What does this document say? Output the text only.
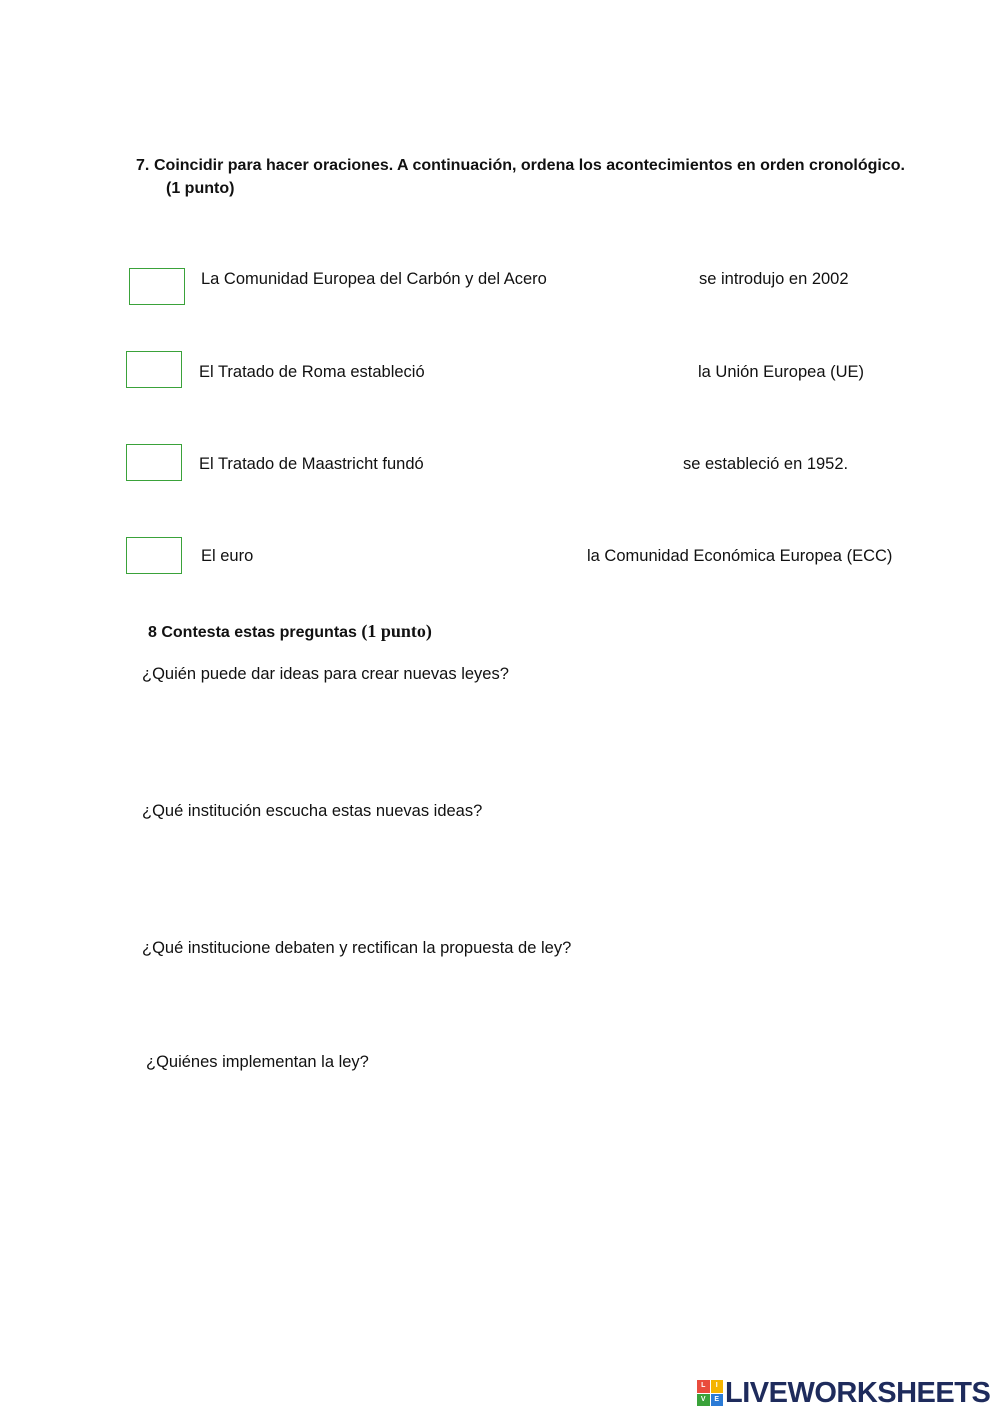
7. Coincidir para hacer oraciones. A continuación, ordena los acontecimientos en orden cronológico.
(1 punto)
La Comunidad Europea del Carbón y del Acero	se introdujo en 2002
El Tratado de Roma estableció	la Unión Europea (UE)
El Tratado de Maastricht fundó	se estableció en 1952.
El euro	la Comunidad Económica Europea (ECC)
8 Contesta estas preguntas (1 punto)
¿Quién puede dar ideas para crear nuevas leyes?
¿Qué institución escucha estas nuevas ideas?
¿Qué institucione debaten y rectifican la propuesta de ley?
¿Quiénes implementan la ley?
L	I
V	E LIVEWORKSHEETS
